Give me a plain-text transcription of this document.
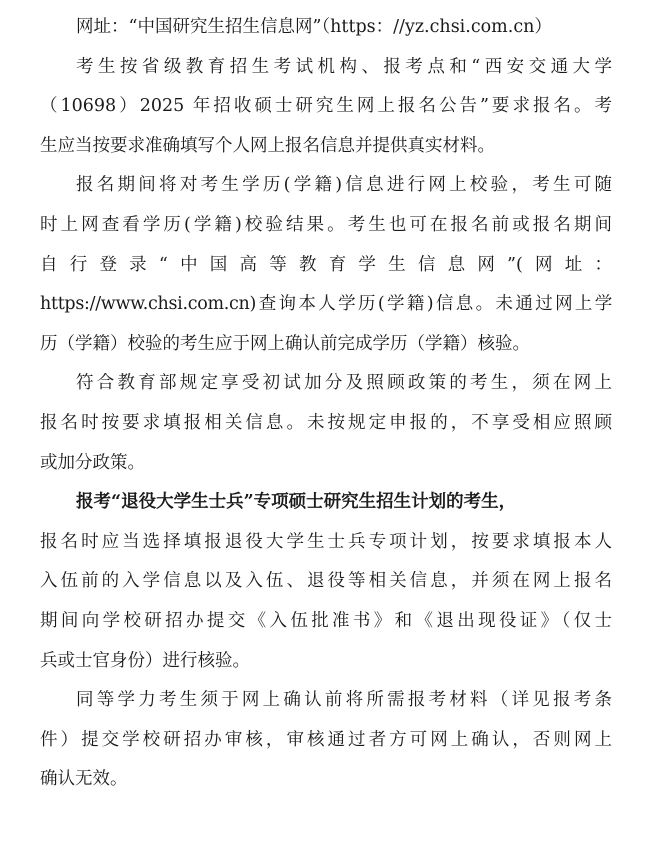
网址：“中国研究生招生信息网”（https：//yz.chsi.com.cn）
考生按省级教育招生考试机构、报考点和“西安交通大学
（10698）2025 年招收硕士研究生网上报名公告”要求报名。考
生应当按要求准确填写个人网上报名信息并提供真实材料。
报名期间将对考生学历(学籍)信息进行网上校验，考生可随
时上网查看学历(学籍)校验结果。考生也可在报名前或报名期间
自行登录“中国高等教育学生信息网”(网址：
https://www.chsi.com.cn)查询本人学历(学籍)信息。未通过网上学
历（学籍）校验的考生应于网上确认前完成学历（学籍）核验。
符合教育部规定享受初试加分及照顾政策的考生，须在网上
报名时按要求填报相关信息。未按规定申报的，不享受相应照顾
或加分政策。
报考“退役大学生士兵”专项硕士研究生招生计划的考生，
报名时应当选择填报退役大学生士兵专项计划，按要求填报本人
入伍前的入学信息以及入伍、退役等相关信息，并须在网上报名
期间向学校研招办提交《入伍批准书》和《退出现役证》（仅士
兵或士官身份）进行核验。
同等学力考生须于网上确认前将所需报考材料（详见报考条
件）提交学校研招办审核，审核通过者方可网上确认，否则网上
确认无效。
